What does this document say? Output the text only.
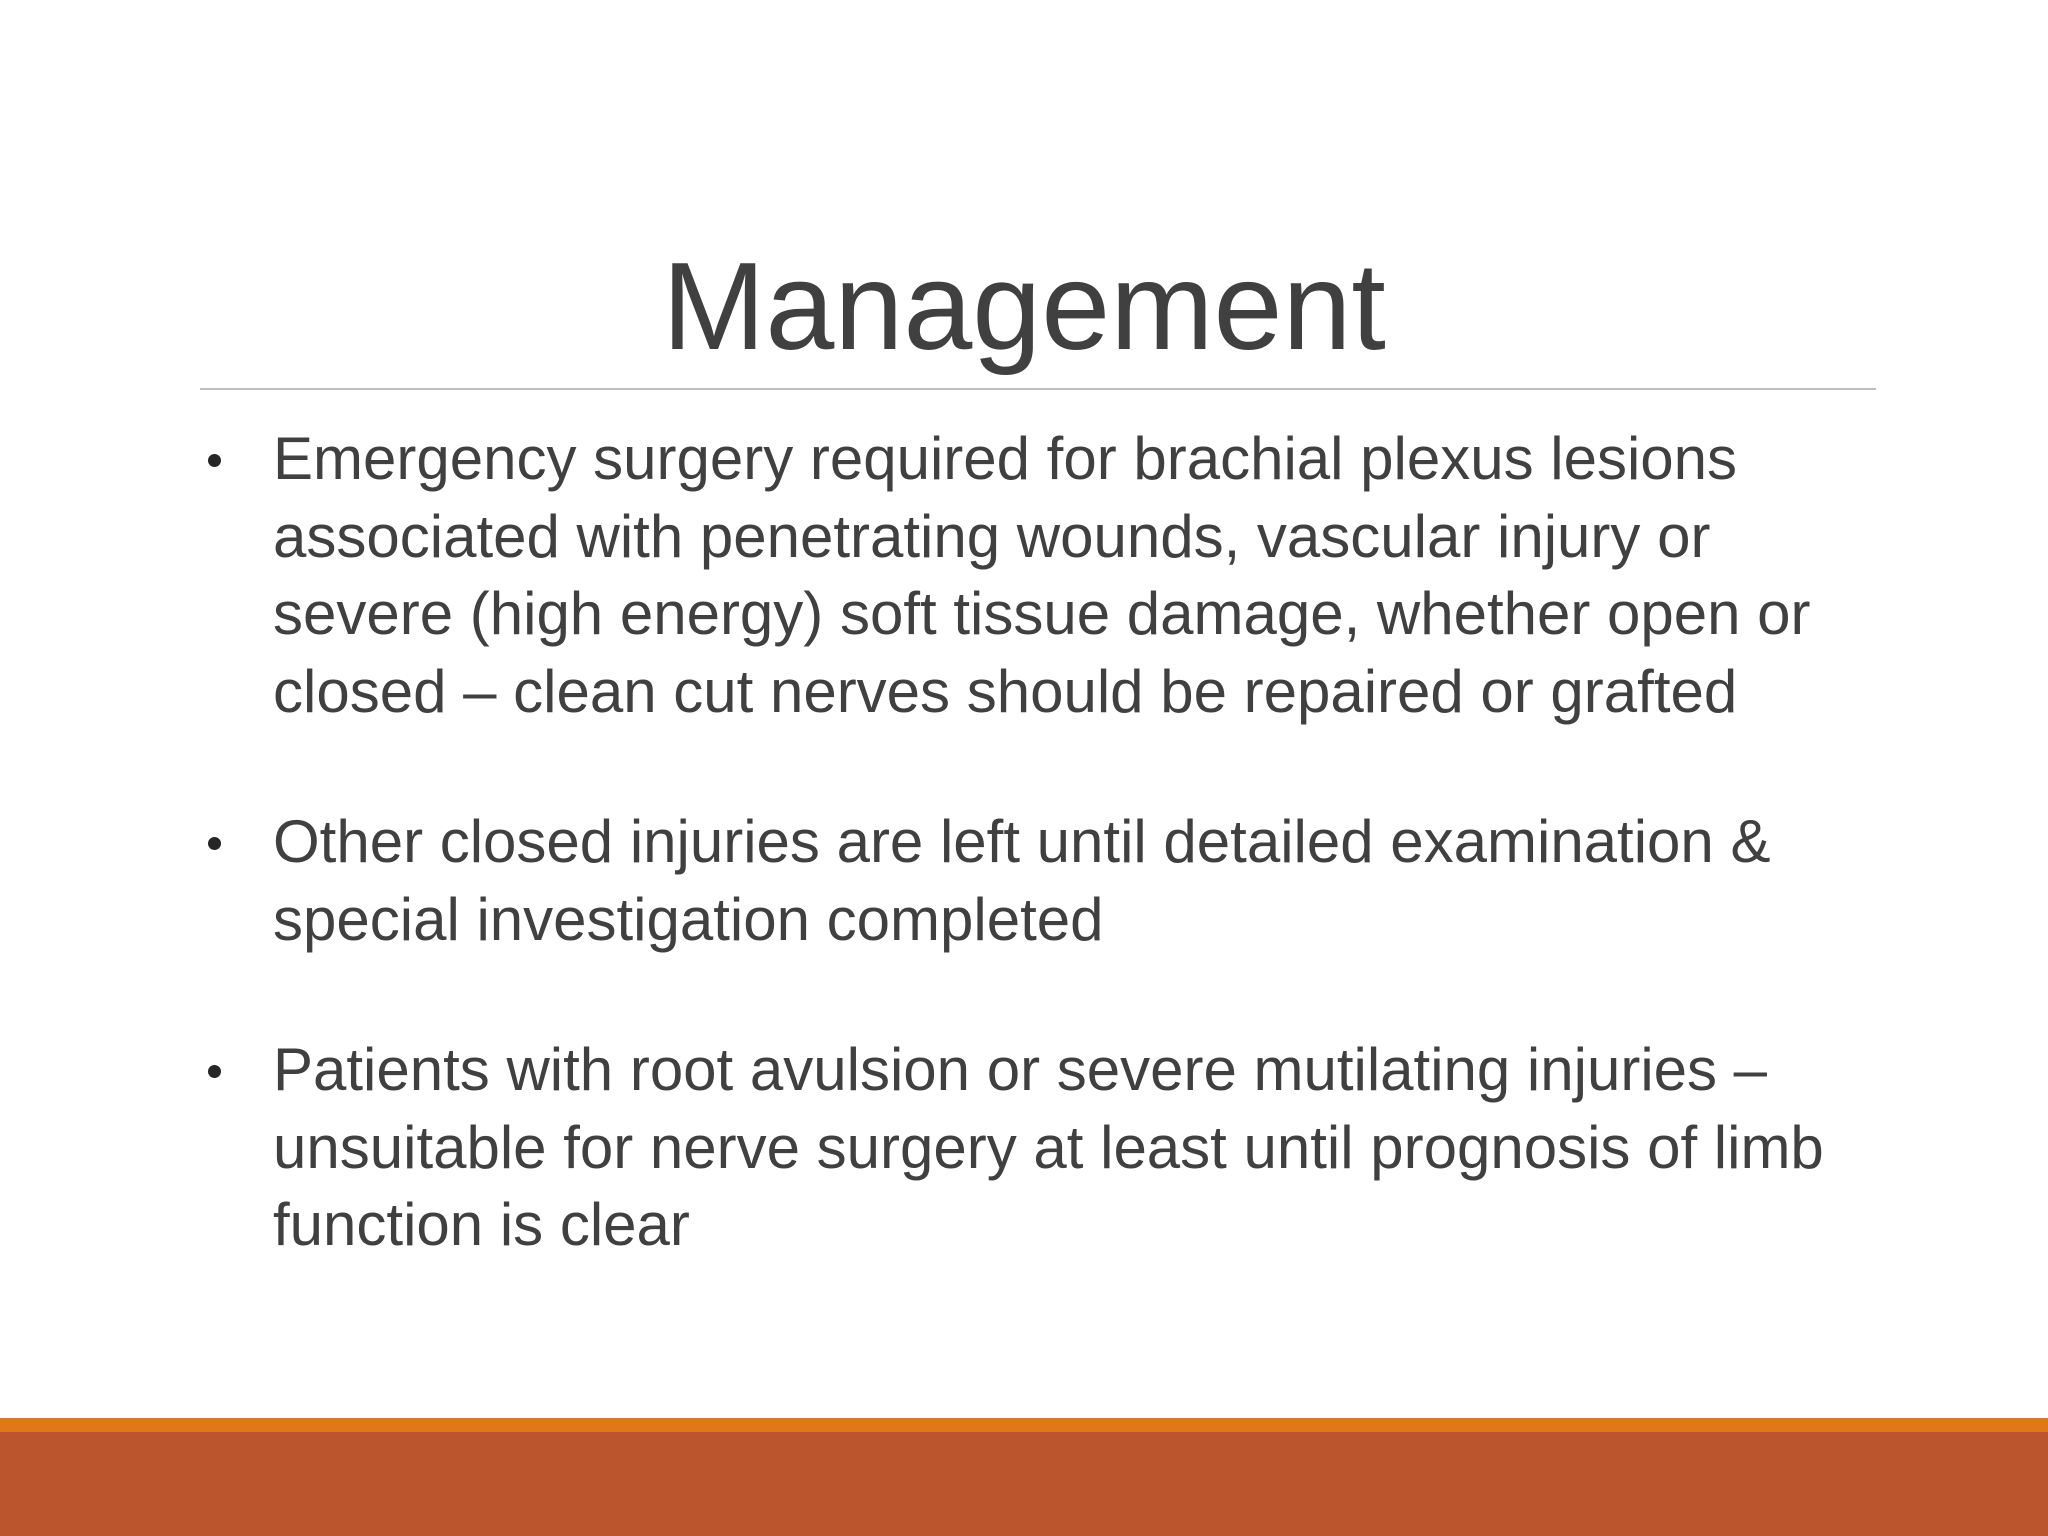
Management
Emergency surgery required for brachial plexus lesions associated with penetrating wounds, vascular injury or severe (high energy) soft tissue damage, whether open or closed – clean cut nerves should be repaired or grafted
Other closed injuries are left until detailed examination & special investigation completed
Patients with root avulsion or severe mutilating injuries – unsuitable for nerve surgery at least until prognosis of limb function is clear
